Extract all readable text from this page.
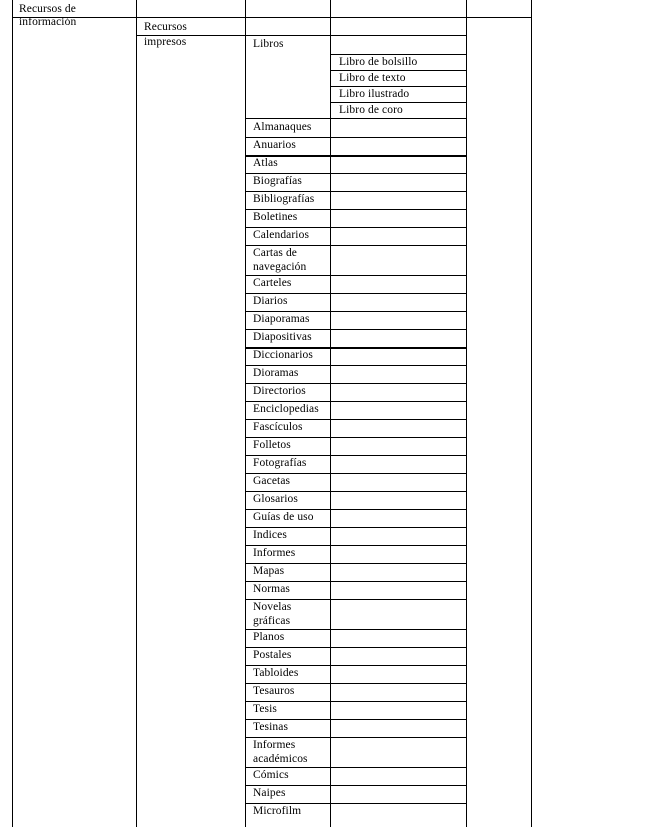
Recursos de
información	Recursos
impresos	Libros
Libro de bolsillo
Libro de texto
Libro ilustrado
Libro de coro
Almanaques
Anuarios
Atlas
Biografías
Bibliografías
Boletines
Calendarios
Cartas de
navegación
Carteles
Diarios
Diaporamas
Diapositivas
Diccionarios
Dioramas
Directorios
Enciclopedias
Fascículos
Folletos
Fotografías
Gacetas
Glosarios
Guías de uso
Indices
Informes
Mapas
Normas
Novelas
gráficas
Planos
Postales
Tabloides
Tesauros
Tesis
Tesinas
Informes
académicos
Cómics
Naipes
Microfilm
